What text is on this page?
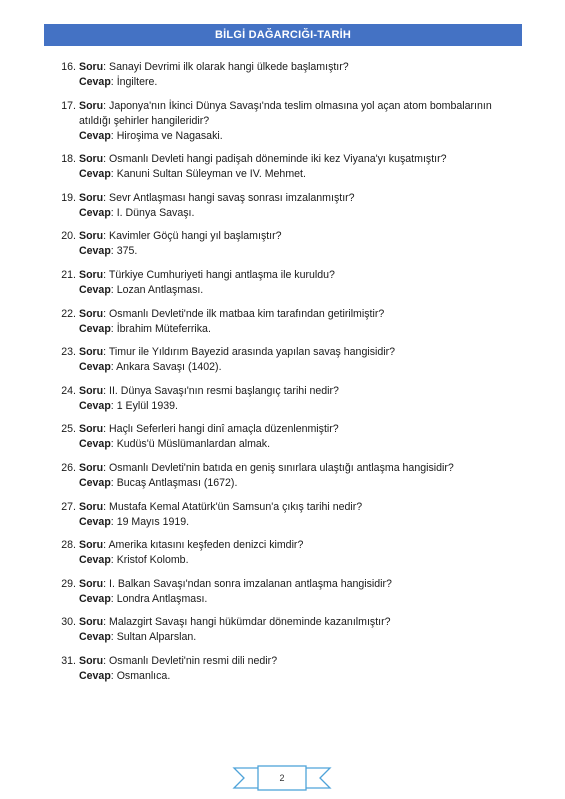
BİLGİ DAĞARCIĞI-TARİH
16. Soru: Sanayi Devrimi ilk olarak hangi ülkede başlamıştır?
Cevap: İngiltere.
17. Soru: Japonya'nın İkinci Dünya Savaşı'nda teslim olmasına yol açan atom bombalarının atıldığı şehirler hangileridir?
Cevap: Hiroşima ve Nagasaki.
18. Soru: Osmanlı Devleti hangi padişah döneminde iki kez Viyana'yı kuşatmıştır?
Cevap: Kanuni Sultan Süleyman ve IV. Mehmet.
19. Soru: Sevr Antlaşması hangi savaş sonrası imzalanmıştır?
Cevap: I. Dünya Savaşı.
20. Soru: Kavimler Göçü hangi yıl başlamıştır?
Cevap: 375.
21. Soru: Türkiye Cumhuriyeti hangi antlaşma ile kuruldu?
Cevap: Lozan Antlaşması.
22. Soru: Osmanlı Devleti'nde ilk matbaa kim tarafından getirilmiştir?
Cevap: İbrahim Müteferrika.
23. Soru: Timur ile Yıldırım Bayezid arasında yapılan savaş hangisidir?
Cevap: Ankara Savaşı (1402).
24. Soru: II. Dünya Savaşı'nın resmi başlangıç tarihi nedir?
Cevap: 1 Eylül 1939.
25. Soru: Haçlı Seferleri hangi dinî amaçla düzenlenmiştir?
Cevap: Kudüs'ü Müslümanlardan almak.
26. Soru: Osmanlı Devleti'nin batıda en geniş sınırlara ulaştığı antlaşma hangisidir?
Cevap: Bucaş Antlaşması (1672).
27. Soru: Mustafa Kemal Atatürk'ün Samsun'a çıkış tarihi nedir?
Cevap: 19 Mayıs 1919.
28. Soru: Amerika kıtasını keşfeden denizci kimdir?
Cevap: Kristof Kolomb.
29. Soru: I. Balkan Savaşı'ndan sonra imzalanan antlaşma hangisidir?
Cevap: Londra Antlaşması.
30. Soru: Malazgirt Savaşı hangi hükümdar döneminde kazanılmıştır?
Cevap: Sultan Alparslan.
31. Soru: Osmanlı Devleti'nin resmi dili nedir?
Cevap: Osmanlıca.
2
